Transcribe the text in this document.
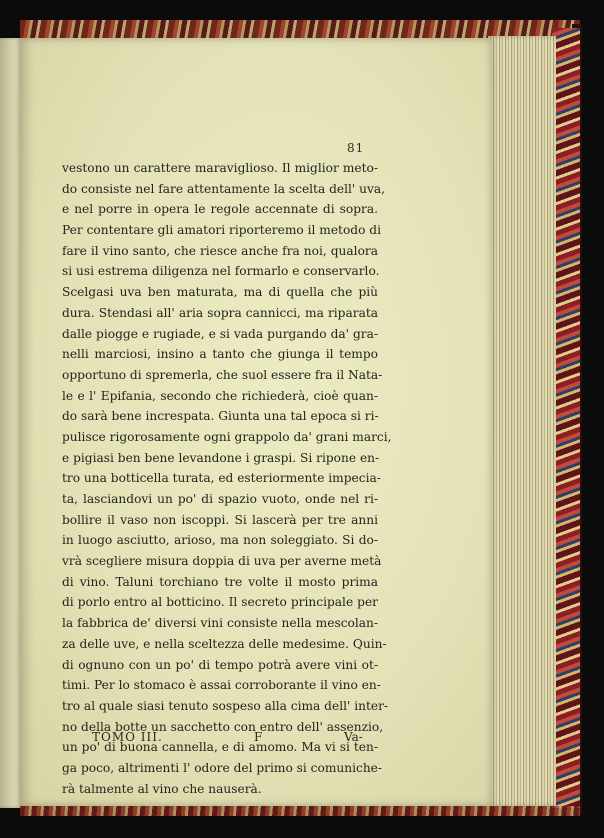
81
vestono un carattere maraviglioso. Il miglior meto-
do consiste nel fare attentamente la scelta dell' uva,
e nel porre in opera le regole accennate di sopra.
Per contentare gli amatori riporteremo il metodo di
fare il vino santo, che riesce anche fra noi, qualora
si usi estrema diligenza nel formarlo e conservarlo.
Scelgasi uva ben maturata, ma di quella che più
dura. Stendasi all' aria sopra cannicci, ma riparata
dalle piogge e rugiade, e si vada purgando da' gra-
nelli marciosi, insino a tanto che giunga il tempo
opportuno di spremerla, che suol essere fra il Nata-
le e l' Epifania, secondo che richiederà, cioè quan-
do sarà bene increspata. Giunta una tal epoca si ri-
pulisce rigorosamente ogni grappolo da' grani marci,
e pigiasi ben bene levandone i graspi. Si ripone en-
tro una botticella turata, ed esteriormente impecia-
ta, lasciandovi un po' di spazio vuoto, onde nel ri-
bollire il vaso non iscoppi. Si lascerà per tre anni
in luogo asciutto, arioso, ma non soleggiato. Si do-
vrà scegliere misura doppia di uva per averne metà
di vino. Taluni torchiano tre volte il mosto prima
di porlo entro al botticino. Il secreto principale per
la fabbrica de' diversi vini consiste nella mescolan-
za delle uve, e nella sceltezza delle medesime. Quin-
di ognuno con un po' di tempo potrà avere vini ot-
timi. Per lo stomaco è assai corroborante il vino en-
tro al quale siasi tenuto sospeso alla cima dell' inter-
no della botte un sacchetto con entro dell' assenzio,
un po' di buona cannella, e di amomo. Ma vi si ten-
ga poco, altrimenti l' odore del primo si comuniche-
rà talmente al vino che nauserà.
TOMO III.	F	Va-
